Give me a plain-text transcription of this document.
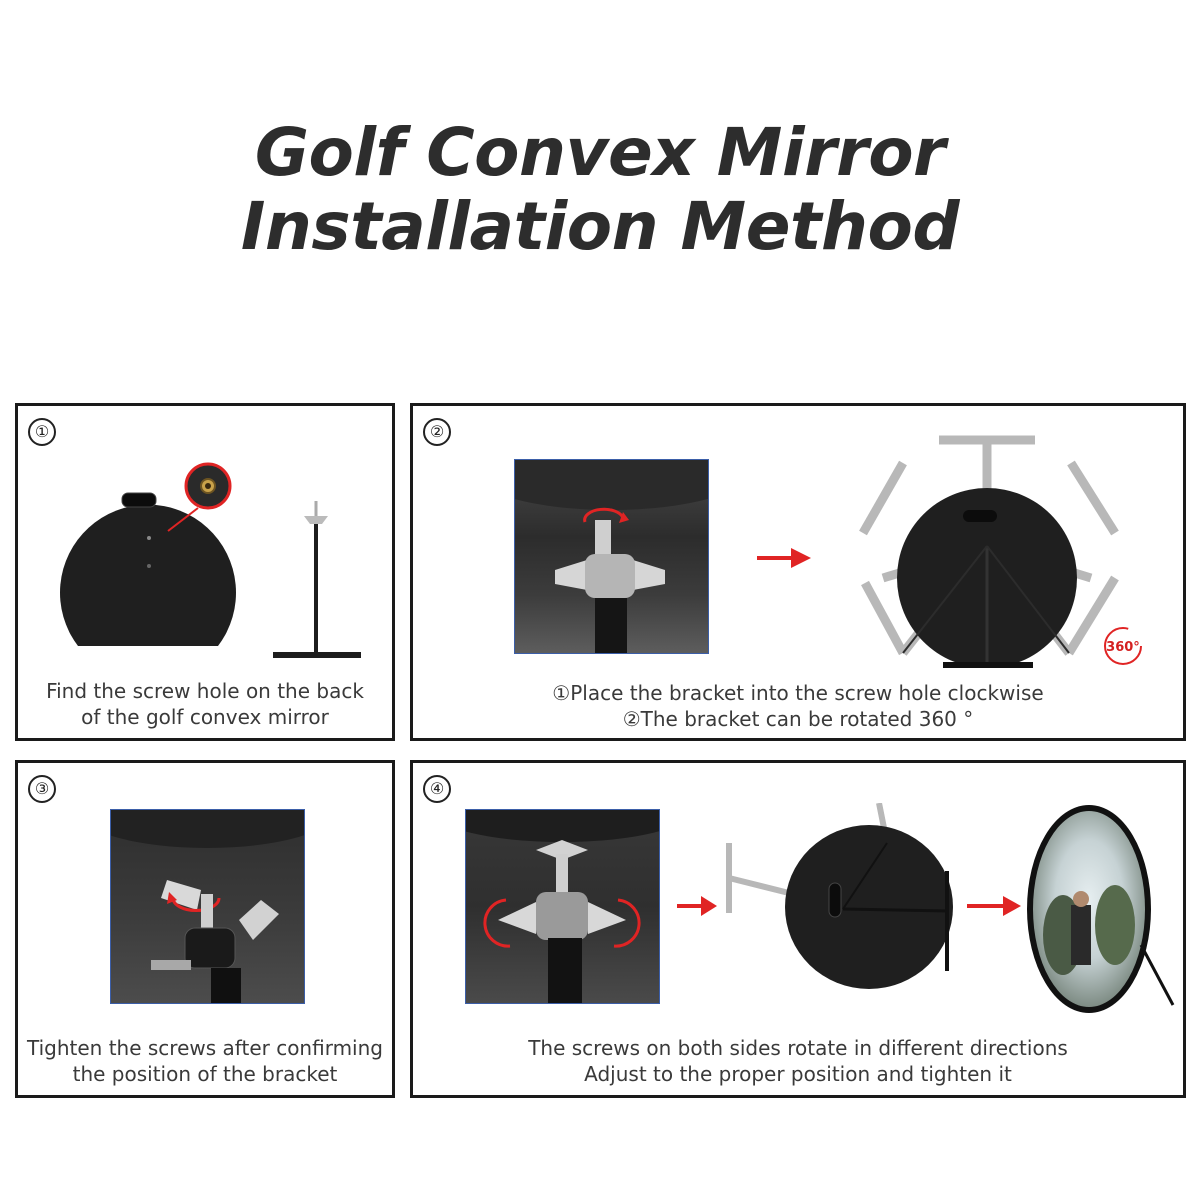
Golf Convex Mirror
Installation Method
①
Find the screw hole on the back
of the golf convex mirror
②
360°
①Place the bracket into the screw hole clockwise
②The bracket can be rotated 360 °
③
Tighten the screws after confirming
the position of the bracket
④
The screws on both sides rotate in different directions
Adjust to the proper position and tighten it
